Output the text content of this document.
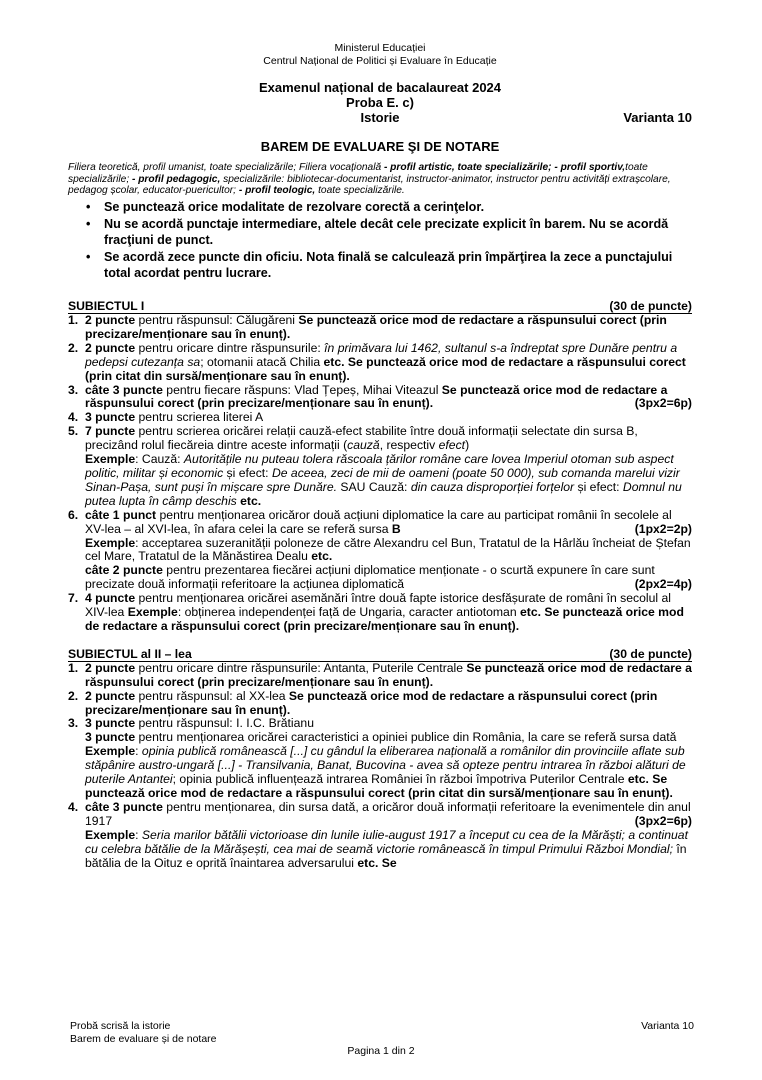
Ministerul Educației
Centrul Național de Politici și Evaluare în Educație
Examenul național de bacalaureat 2024
Proba E. c)
Istorie	Varianta 10
BAREM DE EVALUARE ŞI DE NOTARE
Filiera teoretică, profil umanist, toate specializările; Filiera vocațională - profil artistic, toate specializările; - profil sportiv,toate specializările; - profil pedagogic, specializările: bibliotecar-documentarist, instructor-animator, instructor pentru activități extrașcolare, pedagog școlar, educator-puericultor; - profil teologic, toate specializările.
• Se punctează orice modalitate de rezolvare corectă a cerinţelor.
• Nu se acordă punctaje intermediare, altele decât cele precizate explicit în barem. Nu se acordă fracţiuni de punct.
• Se acordă zece puncte din oficiu. Nota finală se calculează prin împărţirea la zece a punctajului total acordat pentru lucrare.
SUBIECTUL I	(30 de puncte)
1. 2 puncte pentru răspunsul: Călugăreni Se punctează orice mod de redactare a răspunsului corect (prin precizare/menționare sau în enunț).
2. 2 puncte pentru oricare dintre răspunsurile: în primăvara lui 1462, sultanul s-a îndreptat spre Dunăre pentru a pedepsi cutezanța sa; otomanii atacă Chilia etc. Se punctează orice mod de redactare a răspunsului corect (prin citat din sursă/menționare sau în enunț).
3. câte 3 puncte pentru fiecare răspuns: Vlad Țepeș, Mihai Viteazul Se punctează orice mod de redactare a răspunsului corect (prin precizare/menționare sau în enunț).	(3px2=6p)
4. 3 puncte pentru scrierea literei A
5. 7 puncte pentru scrierea oricărei relații cauză-efect stabilite între două informații selectate din sursa B, precizând rolul fiecăreia dintre aceste informații (cauză, respectiv efect)
Exemple: Cauză: Autoritățile nu puteau tolera răscoala țărilor române care lovea Imperiul otoman sub aspect politic, militar și economic și efect: De aceea, zeci de mii de oameni (poate 50 000), sub comanda marelui vizir Sinan-Pașa, sunt puși în mișcare spre Dunăre. SAU Cauză: din cauza disproporției forțelor și efect: Domnul nu putea lupta în câmp deschis etc.
6. câte 1 punct pentru menționarea oricăror două acțiuni diplomatice la care au participat românii în secolele al XV-lea – al XVI-lea, în afara celei la care se referă sursa B	(1px2=2p)

Exemple: acceptarea suzeranității poloneze de către Alexandru cel Bun, Tratatul de la Hârlău încheiat de Ștefan cel Mare, Tratatul de la Mănăstirea Dealu etc.
câte 2 puncte pentru prezentarea fiecărei acțiuni diplomatice menționate - o scurtă expunere în care sunt precizate două informații referitoare la acțiunea diplomatică	(2px2=4p)
7. 4 puncte pentru menționarea oricărei asemănări între două fapte istorice desfășurate de români în secolul al XIV-lea Exemple: obținerea independenței față de Ungaria, caracter antiotoman etc. Se punctează orice mod de redactare a răspunsului corect (prin precizare/menționare sau în enunț).
SUBIECTUL al II – lea	(30 de puncte)
1. 2 puncte pentru oricare dintre răspunsurile: Antanta, Puterile Centrale Se punctează orice mod de redactare a răspunsului corect (prin precizare/menționare sau în enunț).
2. 2 puncte pentru răspunsul: al XX-lea Se punctează orice mod de redactare a răspunsului corect (prin precizare/menționare sau în enunț).
3. 3 puncte pentru răspunsul: I. I.C. Brătianu
3 puncte pentru menționarea oricărei caracteristici a opiniei publice din România, la care se referă sursa dată Exemple: opinia publică românească [...] cu gândul la eliberarea națională a românilor din provinciile aflate sub stăpânire austro-ungară [...] - Transilvania, Banat, Bucovina - avea să opteze pentru intrarea în război alături de puterile Antantei; opinia publică influențează intrarea României în război împotriva Puterilor Centrale etc. Se punctează orice mod de redactare a răspunsului corect (prin citat din sursă/menționare sau în enunț).
4. câte 3 puncte pentru menționarea, din sursa dată, a oricăror două informații referitoare la evenimentele din anul 1917	(3px2=6p)

Exemple: Seria marilor bătălii victorioase din lunile iulie-august 1917 a început cu cea de la Mărăști; a continuat cu celebra bătălie de la Mărășești, cea mai de seamă victorie românească în timpul Primului Război Mondial; în bătălia de la Oituz e oprită înaintarea adversarului etc. Se
Probă scrisă la istorie
Barem de evaluare și de notare
Varianta 10
Pagina 1 din 2
